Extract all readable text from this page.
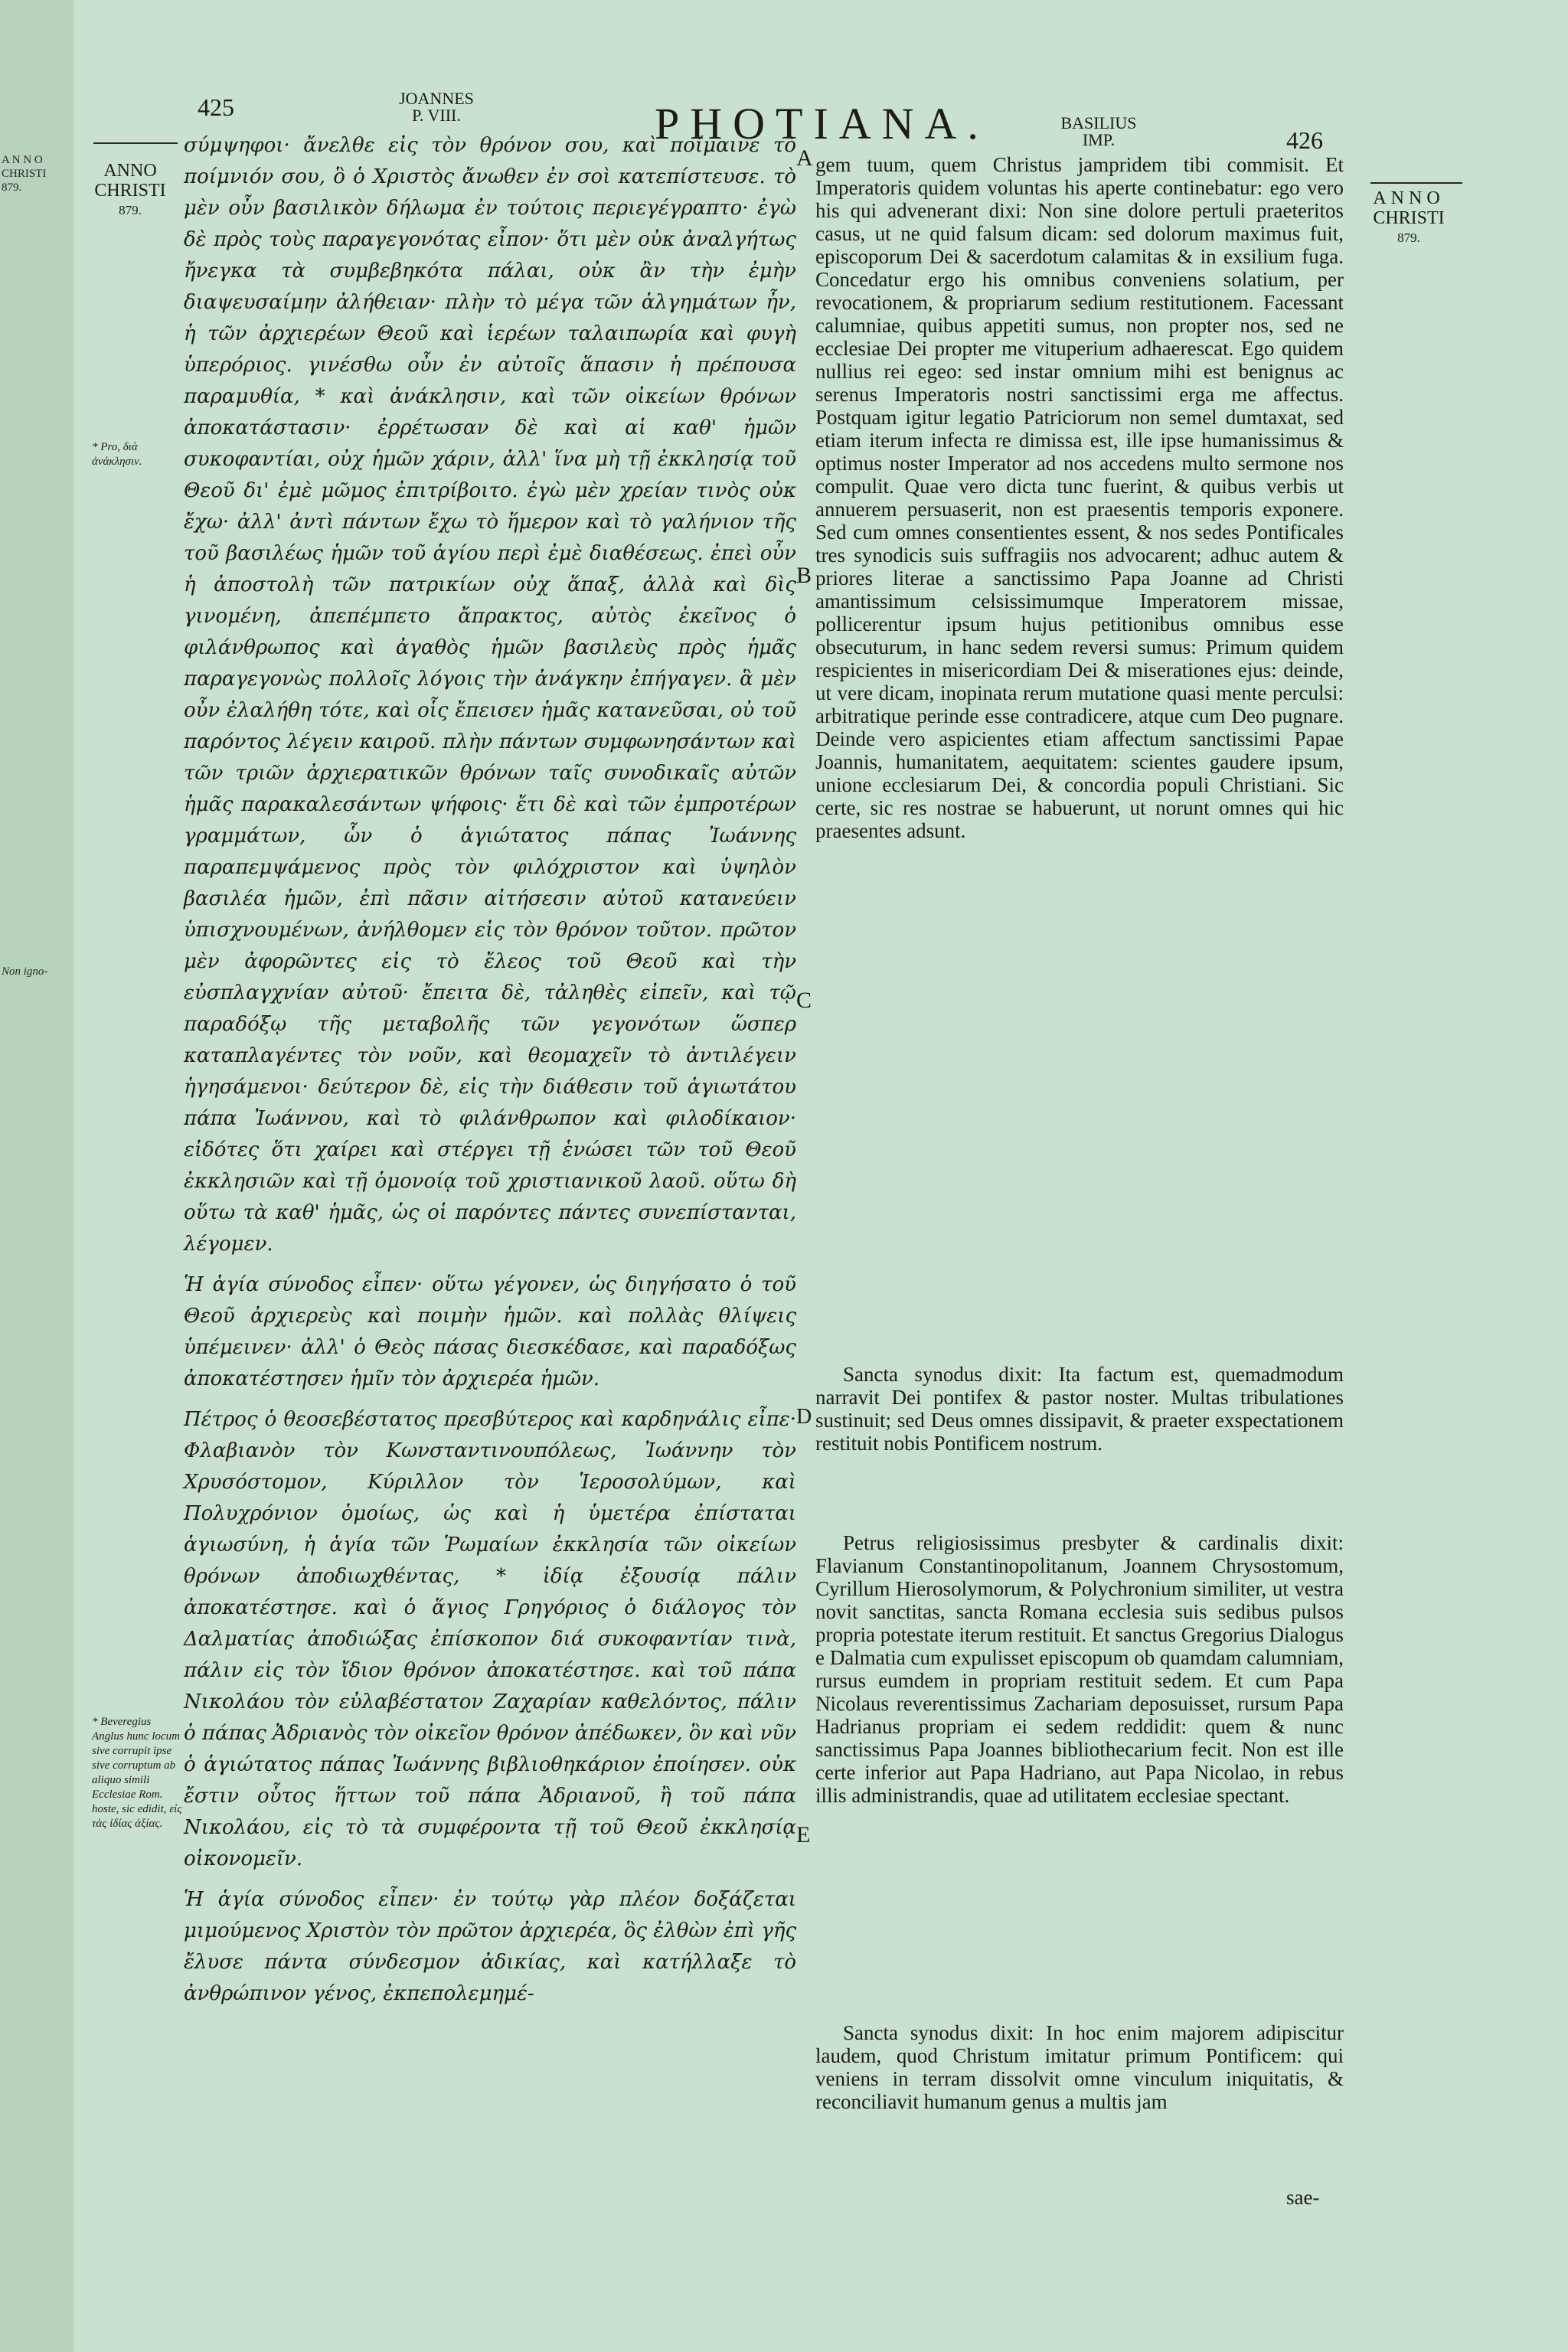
A N N O
CHRISTI
879.
Non igno-
425	JOANNES
P. VIII.	PHOTIANA.	BASILIUS
IMP.	426
ANNO
CHRISTI
879.
ANNO
CHRISTI
879.
* Pro, διὰ ἀνάκλησιν.
* Beveregius Anglus hunc locum sive corrupit ipse sive corruptum ab aliquo simili Ecclesiae Rom. hoste, sic edidit, εἰς τὰς ἰδίας ἀξίας.
A
B
C
D
E

σύμψηφοι· ἄνελθε εἰς τὸν θρόνον σου, καὶ ποίμαινε τὸ ποίμνιόν σου, ὃ ὁ Χριστὸς ἄνωθεν ἐν σοὶ κατεπίστευσε. τὸ μὲν οὖν βασιλικὸν δήλωμα ἐν τούτοις περιεγέγραπτο· ἐγὼ δὲ πρὸς τοὺς παραγεγονότας εἶπον· ὅτι μὲν οὐκ ἀναλγήτως ἤνεγκα τὰ συμβεβηκότα πάλαι, οὐκ ἂν τὴν ἐμὴν διαψευσαίμην ἀλήθειαν· πλὴν τὸ μέγα τῶν ἀλγημάτων ἦν, ἡ τῶν ἀρχιερέων Θεοῦ καὶ ἱερέων ταλαιπωρία καὶ φυγὴ ὑπερόριος. γινέσθω οὖν ἐν αὐτοῖς ἅπασιν ἡ πρέπουσα παραμυθία, * καὶ ἀνάκλησιν, καὶ τῶν οἰκείων θρόνων ἀποκατάστασιν· ἐρρέτωσαν δὲ καὶ αἱ καθ' ἡμῶν συκοφαντίαι, οὐχ ἡμῶν χάριν, ἀλλ' ἵνα μὴ τῇ ἐκκλησίᾳ τοῦ Θεοῦ δι' ἐμὲ μῶμος ἐπιτρίβοιτο. ἐγὼ μὲν χρείαν τινὸς οὐκ ἔχω· ἀλλ' ἀντὶ πάντων ἔχω τὸ ἥμερον καὶ τὸ γαλήνιον τῆς τοῦ βασιλέως ἡμῶν τοῦ ἁγίου περὶ ἐμὲ διαθέσεως. ἐπεὶ οὖν ἡ ἀποστολὴ τῶν πατρικίων οὐχ ἅπαξ, ἀλλὰ καὶ δὶς γινομένη, ἀπεπέμπετο ἄπρακτος, αὐτὸς ἐκεῖνος ὁ φιλάνθρωπος καὶ ἀγαθὸς ἡμῶν βασιλεὺς πρὸς ἡμᾶς παραγεγονὼς πολλοῖς λόγοις τὴν ἀνάγκην ἐπήγαγεν. ἃ μὲν οὖν ἐλαλήθη τότε, καὶ οἷς ἔπεισεν ἡμᾶς κατανεῦσαι, οὐ τοῦ παρόντος λέγειν καιροῦ. πλὴν πάντων συμφωνησάντων καὶ τῶν τριῶν ἀρχιερατικῶν θρόνων ταῖς συνοδικαῖς αὐτῶν ἡμᾶς παρακαλεσάντων ψήφοις· ἔτι δὲ καὶ τῶν ἐμπροτέρων γραμμάτων, ὧν ὁ ἁγιώτατος πάπας Ἰωάννης παραπεμψάμενος πρὸς τὸν φιλόχριστον καὶ ὑψηλὸν βασιλέα ἡμῶν, ἐπὶ πᾶσιν αἰτήσεσιν αὐτοῦ κατανεύειν ὑπισχνουμένων, ἀνήλθομεν εἰς τὸν θρόνον τοῦτον. πρῶτον μὲν ἀφορῶντες εἰς τὸ ἔλεος τοῦ Θεοῦ καὶ τὴν εὐσπλαγχνίαν αὐτοῦ· ἔπειτα δὲ, τἀληθὲς εἰπεῖν, καὶ τῷ παραδόξῳ τῆς μεταβολῆς τῶν γεγονότων ὥσπερ καταπλαγέντες τὸν νοῦν, καὶ θεομαχεῖν τὸ ἀντιλέγειν ἡγησάμενοι· δεύτερον δὲ, εἰς τὴν διάθεσιν τοῦ ἁγιωτάτου πάπα Ἰωάννου, καὶ τὸ φιλάνθρωπον καὶ φιλοδίκαιον· εἰδότες ὅτι χαίρει καὶ στέργει τῇ ἑνώσει τῶν τοῦ Θεοῦ ἐκκλησιῶν καὶ τῇ ὁμονοίᾳ τοῦ χριστιανικοῦ λαοῦ. οὕτω δὴ οὕτω τὰ καθ' ἡμᾶς, ὡς οἱ παρόντες πάντες συνεπίστανται, λέγομεν.

Ἡ ἁγία σύνοδος εἶπεν· οὕτω γέγονεν, ὡς διηγήσατο ὁ τοῦ Θεοῦ ἀρχιερεὺς καὶ ποιμὴν ἡμῶν. καὶ πολλὰς θλίψεις ὑπέμεινεν· ἀλλ' ὁ Θεὸς πάσας διεσκέδασε, καὶ παραδόξως ἀποκατέστησεν ἡμῖν τὸν ἀρχιερέα ἡμῶν.

Πέτρος ὁ θεοσεβέστατος πρεσβύτερος καὶ καρδηνάλις εἶπε· Φλαβιανὸν τὸν Κωνσταντινουπόλεως, Ἰωάννην τὸν Χρυσόστομον, Κύριλλον τὸν Ἱεροσολύμων, καὶ Πολυχρόνιον ὁμοίως, ὡς καὶ ἡ ὑμετέρα ἐπίσταται ἁγιωσύνη, ἡ ἁγία τῶν Ῥωμαίων ἐκκλησία τῶν οἰκείων θρόνων ἀποδιωχθέντας, * ἰδίᾳ ἐξουσίᾳ πάλιν ἀποκατέστησε. καὶ ὁ ἅγιος Γρηγόριος ὁ διάλογος τὸν Δαλματίας ἀποδιώξας ἐπίσκοπον διά συκοφαντίαν τινὰ, πάλιν εἰς τὸν ἴδιον θρόνον ἀποκατέστησε. καὶ τοῦ πάπα Νικολάου τὸν εὐλαβέστατον Ζαχαρίαν καθελόντος, πάλιν ὁ πάπας Ἀδριανὸς τὸν οἰκεῖον θρόνον ἀπέδωκεν, ὃν καὶ νῦν ὁ ἁγιώτατος πάπας Ἰωάννης βιβλιοθηκάριον ἐποίησεν. οὐκ ἔστιν οὗτος ἥττων τοῦ πάπα Ἀδριανοῦ, ἢ τοῦ πάπα Νικολάου, εἰς τὸ τὰ συμφέροντα τῇ τοῦ Θεοῦ ἐκκλησίᾳ οἰκονομεῖν.

Ἡ ἁγία σύνοδος εἶπεν· ἐν τούτῳ γὰρ πλέον δοξάζεται μιμούμενος Χριστὸν τὸν πρῶτον ἀρχιερέα, ὃς ἐλθὼν ἐπὶ γῆς ἔλυσε πάντα σύνδεσμον ἀδικίας, καὶ κατήλλαξε τὸ ἀνθρώπινον γένος, ἐκπεπολεμημέ-

gem tuum, quem Christus jampridem tibi commisit. Et Imperatoris quidem voluntas his aperte continebatur: ego vero his qui advenerant dixi: Non sine dolore pertuli praeteritos casus, ut ne quid falsum dicam: sed dolorum maximus fuit, episcoporum Dei & sacerdotum calamitas & in exsilium fuga. Concedatur ergo his omnibus conveniens solatium, per revocationem, & propriarum sedium restitutionem. Facessant calumniae, quibus appetiti sumus, non propter nos, sed ne ecclesiae Dei propter me vituperium adhaerescat. Ego quidem nullius rei egeo: sed instar omnium mihi est benignus ac serenus Imperatoris nostri sanctissimi erga me affectus. Postquam igitur legatio Patriciorum non semel dumtaxat, sed etiam iterum infecta re dimissa est, ille ipse humanissimus & optimus noster Imperator ad nos accedens multo sermone nos compulit. Quae vero dicta tunc fuerint, & quibus verbis ut annuerem persuaserit, non est praesentis temporis exponere. Sed cum omnes consentientes essent, & nos sedes Pontificales tres synodicis suis suffragiis nos advocarent; adhuc autem & priores literae a sanctissimo Papa Joanne ad Christi amantissimum celsissimumque Imperatorem missae, pollicerentur ipsum hujus petitionibus omnibus esse obsecuturum, in hanc sedem reversi sumus: Primum quidem respicientes in misericordiam Dei & miserationes ejus: deinde, ut vere dicam, inopinata rerum mutatione quasi mente perculsi: arbitratique perinde esse contradicere, atque cum Deo pugnare. Deinde vero aspicientes etiam affectum sanctissimi Papae Joannis, humanitatem, aequitatem: scientes gaudere ipsum, unione ecclesiarum Dei, & concordia populi Christiani. Sic certe, sic res nostrae se habuerunt, ut norunt omnes qui hic praesentes adsunt.

Sancta synodus dixit: Ita factum est, quemadmodum narravit Dei pontifex & pastor noster. Multas tribulationes sustinuit; sed Deus omnes dissipavit, & praeter exspectationem restituit nobis Pontificem nostrum.

Petrus religiosissimus presbyter & cardinalis dixit: Flavianum Constantinopolitanum, Joannem Chrysostomum, Cyrillum Hierosolymorum, & Polychronium similiter, ut vestra novit sanctitas, sancta Romana ecclesia suis sedibus pulsos propria potestate iterum restituit. Et sanctus Gregorius Dialogus e Dalmatia cum expulisset episcopum ob quamdam calumniam, rursus eumdem in propriam restituit sedem. Et cum Papa Nicolaus reverentissimus Zachariam deposuisset, rursum Papa Hadrianus propriam ei sedem reddidit: quem & nunc sanctissimus Papa Joannes bibliothecarium fecit. Non est ille certe inferior aut Papa Hadriano, aut Papa Nicolao, in rebus illis administrandis, quae ad utilitatem ecclesiae spectant.

Sancta synodus dixit: In hoc enim majorem adipiscitur laudem, quod Christum imitatur primum Pontificem: qui veniens in terram dissolvit omne vinculum iniquitatis, & reconciliavit humanum genus a multis jam

sae-
